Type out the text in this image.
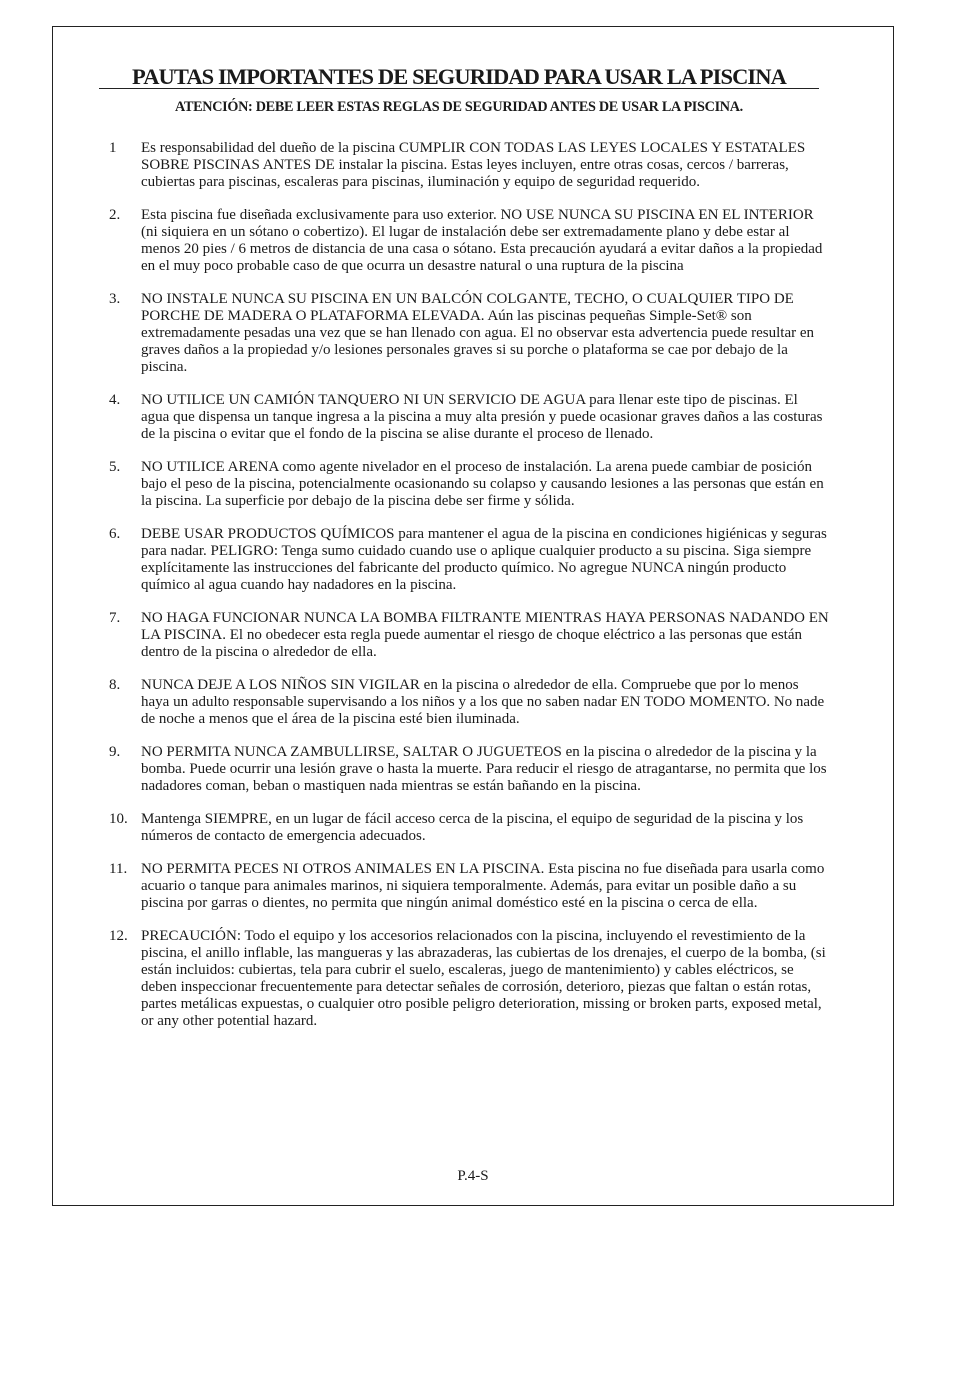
PAUTAS IMPORTANTES DE SEGURIDAD PARA USAR LA PISCINA
ATENCIÓN: DEBE LEER ESTAS REGLAS DE SEGURIDAD ANTES DE USAR LA PISCINA.
1	Es responsabilidad del dueño de la piscina CUMPLIR CON TODAS LAS LEYES LOCALES Y ESTATALES SOBRE PISCINAS ANTES DE instalar la piscina. Estas leyes incluyen, entre otras cosas, cercos / barreras, cubiertas para piscinas, escaleras para piscinas, iluminación y equipo de seguridad requerido.
2.	Esta piscina fue diseñada exclusivamente para uso exterior. NO USE NUNCA SU PISCINA EN EL INTERIOR (ni siquiera en un sótano o cobertizo). El lugar de instalación debe ser extremadamente plano y debe estar al menos 20 pies / 6 metros de distancia de una casa o sótano. Esta precaución ayudará a evitar daños a la propiedad en el muy poco probable caso de que ocurra un desastre natural o una ruptura de la piscina
3.	NO INSTALE NUNCA SU PISCINA EN UN BALCÓN COLGANTE, TECHO, O CUALQUIER TIPO DE PORCHE DE MADERA O PLATAFORMA ELEVADA. Aún las piscinas pequeñas Simple-Set® son extremadamente pesadas una vez que se han llenado con agua. El no observar esta advertencia puede resultar en graves daños a la propiedad y/o lesiones personales graves si su porche o plataforma se cae por debajo de la piscina.
4.	NO UTILICE UN CAMIÓN TANQUERO NI UN SERVICIO DE AGUA para llenar este tipo de piscinas. El agua que dispensa un tanque ingresa a la piscina a muy alta presión y puede ocasionar graves daños a las costuras de la piscina o evitar que el fondo de la piscina se alise durante el proceso de llenado.
5.	NO UTILICE ARENA como agente nivelador en el proceso de instalación. La arena puede cambiar de posición bajo el peso de la piscina, potencialmente ocasionando su colapso y causando lesiones a las personas que están en la piscina. La superficie por debajo de la piscina debe ser firme y sólida.
6.	DEBE USAR PRODUCTOS QUÍMICOS para mantener el agua de la piscina en condiciones higiénicas y seguras para nadar. PELIGRO: Tenga sumo cuidado cuando use o aplique cualquier producto a su piscina. Siga siempre explícitamente las instrucciones del fabricante del producto químico. No agregue NUNCA ningún producto químico al agua cuando hay nadadores en la piscina.
7.	NO HAGA FUNCIONAR NUNCA LA BOMBA FILTRANTE MIENTRAS HAYA PERSONAS NADANDO EN LA PISCINA. El no obedecer esta regla puede aumentar el riesgo de choque eléctrico a las personas que están dentro de la piscina o alrededor de ella.
8.	NUNCA DEJE A LOS NIÑOS SIN VIGILAR en la piscina o alrededor de ella. Compruebe que por lo menos haya un adulto responsable supervisando a los niños y a los que no saben nadar EN TODO MOMENTO. No nade de noche a menos que el área de la piscina esté bien iluminada.
9.	NO PERMITA NUNCA ZAMBULLIRSE, SALTAR O JUGUETEOS en la piscina o alrededor de la piscina y la bomba. Puede ocurrir una lesión grave o hasta la muerte. Para reducir el riesgo de atragantarse, no permita que los nadadores coman, beban o mastiquen nada mientras se están bañando en la piscina.
10. Mantenga SIEMPRE, en un lugar de fácil acceso cerca de la piscina, el equipo de seguridad de la piscina y los números de contacto de emergencia adecuados.
11. NO PERMITA PECES NI OTROS ANIMALES EN LA PISCINA. Esta piscina no fue diseñada para usarla como acuario o tanque para animales marinos, ni siquiera temporalmente. Además, para evitar un posible daño a su piscina por garras o dientes, no permita que ningún animal doméstico esté en la piscina o cerca de ella.
12. PRECAUCIÓN: Todo el equipo y los accesorios relacionados con la piscina, incluyendo el revestimiento de la piscina, el anillo inflable, las mangueras y las abrazaderas, las cubiertas de los drenajes, el cuerpo de la bomba, (si están incluidos: cubiertas, tela para cubrir el suelo, escaleras, juego de mantenimiento) y cables eléctricos, se deben inspeccionar frecuentemente para detectar señales de corrosión, deterioro, piezas que faltan o están rotas, partes metálicas expuestas, o cualquier otro posible peligro deterioration, missing or broken parts, exposed metal, or any other potential hazard.
P.4-S
